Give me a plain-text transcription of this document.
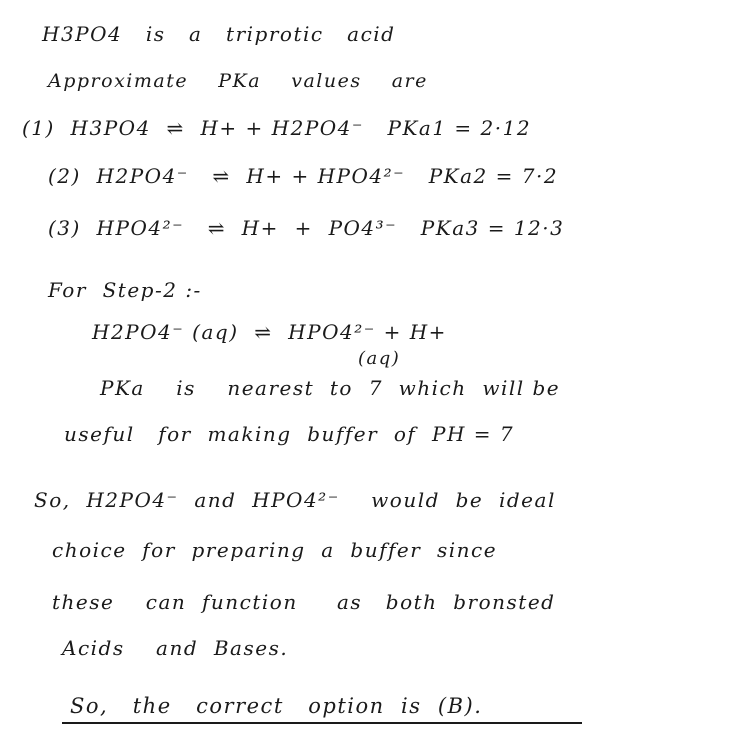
H3PO4   is   a   triprotic   acid
Approximate    PKa    values    are
(1)  H3PO4  ⇌  H+ + H2PO4⁻   PKa1 = 2·12
(2)  H2PO4⁻   ⇌  H+ + HPO4²⁻   PKa2 = 7·2
(3)  HPO4²⁻   ⇌  H+  +  PO4³⁻   PKa3 = 12·3
For  Step-2 :-
H2PO4⁻ (aq)  ⇌  HPO4²⁻ + H+
(aq)
PKa    is    nearest  to  7  which  will be
useful   for  making  buffer  of  PH = 7
So,  H2PO4⁻  and  HPO4²⁻    would  be  ideal
choice  for  preparing  a  buffer  since
these    can  function     as   both  bronsted
Acids    and  Bases.
So,   the   correct   option  is  (B).
